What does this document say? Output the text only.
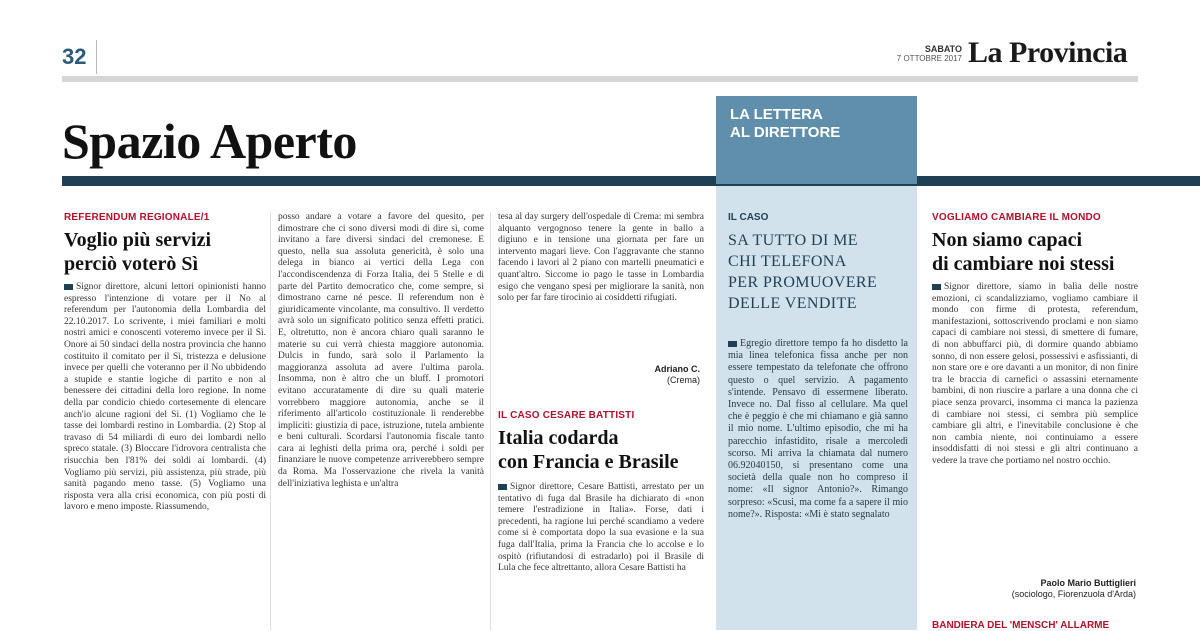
32	SABATO
7 OTTOBRE 2017 La Provincia
Spazio Aperto	LA LETTERA
AL DIRETTORE
REFERENDUM REGIONALE/1
Voglio più servizi
perciò voterò Sì
Signor direttore, alcuni lettori opinionisti hanno espresso l'intenzione di votare per il No al referendum per l'autonomia della Lombardia del 22.10.2017. Lo scrivente, i miei familiari e molti nostri amici e conoscenti voteremo invece per il Sì. Onore ai 50 sindaci della nostra provincia che hanno costituito il comitato per il Sì, tristezza e delusione invece per quelli che voteranno per il No ubbidendo a stupide e stantie logiche di partito e non al benessere dei cittadini della loro regione. In nome della par condicio chiedo cortesemente di elencare anch'io alcune ragioni del Sì. (1) Vogliamo che le tasse dei lombardi restino in Lombardia. (2) Stop al travaso di 54 miliardi di euro dei lombardi nello spreco statale. (3) Bloccare l'idrovora centralista che risucchia ben l'81% dei soldi ai lombardi. (4) Vogliamo più servizi, più assistenza, più strade, più sanità pagando meno tasse. (5) Vogliamo una risposta vera alla crisi economica, con più posti di lavoro e meno imposte. Riassumendo,
posso andare a votare a favore del quesito, per dimostrare che ci sono diversi modi di dire sì, come invitano a fare diversi sindaci del cremonese. E questo, nella sua assoluta genericità, è solo una delega in bianco ai vertici della Lega con l'accondiscendenza di Forza Italia, dei 5 Stelle e di parte del Partito democratico che, come sempre, si dimostrano carne né pesce. Il referendum non è giuridicamente vincolante, ma consultivo. Il verdetto avrà solo un significato politico senza effetti pratici. E, oltretutto, non è ancora chiaro quali saranno le materie su cui verrà chiesta maggiore autonomia. Dulcis in fundo, sarà solo il Parlamento la maggioranza assoluta ad avere l'ultima parola. Insomma, non è altro che un bluff. I promotori evitano accuratamente di dire su quali materie vorrebbero maggiore autonomia, anche se il riferimento all'articolo costituzionale li renderebbe impliciti: giustizia di pace, istruzione, tutela ambiente e beni culturali. Scordarsi l'autonomia fiscale tanto cara ai leghisti della prima ora, perché i soldi per finanziare le nuove competenze arriverebbero sempre da Roma. Ma l'osservazione che rivela la vanità dell'iniziativa leghista e un'altra
tesa al day surgery dell'ospedale di Crema: mi sembra alquanto vergognoso tenere la gente in ballo a digiuno e in tensione una giornata per fare un intervento magari lieve. Con l'aggravante che stanno facendo i lavori al 2 piano con martelli pneumatici e quant'altro. Siccome io pago le tasse in Lombardia esigo che vengano spesi per migliorare la sanità, non solo per far fare tirocinio ai cosiddetti rifugiati.
Adriano C.
(Crema)
IL CASO CESARE BATTISTI
Italia codarda
con Francia e Brasile
Signor direttore, Cesare Battisti, arrestato per un tentativo di fuga dal Brasile ha dichiarato di «non temere l'estradizione in Italia». Forse, dati i precedenti, ha ragione lui perché scandiamo a vedere come si è comportata dopo la sua evasione e la sua fuga dall'Italia, prima la Francia che lo accolse e lo ospitò (rifiutandosi di estradarlo) poi il Brasile di Lula che fece altrettanto, allora Cesare Battisti ha
IL CASO
SA TUTTO DI ME
CHI TELEFONA
PER PROMUOVERE
DELLE VENDITE
Egregio direttore tempo fa ho disdetto la mia linea telefonica fissa anche per non essere tempestato da telefonate che offrono questo o quel servizio. A pagamento s'intende. Pensavo di essermene liberato. Invece no. Dal fisso al cellulare. Ma quel che è peggio è che mi chiamano e già sanno il mio nome. L'ultimo episodio, che mi ha parecchio infastidito, risale a mercoledì scorso. Mi arriva la chiamata dal numero 06.92040150, si presentano come una società della quale non ho compreso il nome: «Il signor Antonio?». Rimango sorpreso: «Scusi, ma come fa a sapere il mio nome?». Risposta: «Mi è stato segnalato
VOGLIAMO CAMBIARE IL MONDO
Non siamo capaci
di cambiare noi stessi
Signor direttore, siamo in balìa delle nostre emozioni, ci scandalizziamo, vogliamo cambiare il mondo con firme di protesta, referendum, manifestazioni, sottoscrivendo proclami e non siamo capaci di cambiare noi stessi, di smettere di fumare, di non abbuffarci più, di dormire quando abbiamo sonno, di non essere gelosi, possessivi e asfissianti, di non stare ore e ore davanti a un monitor, di non finire tra le braccia di carnefici o assassini eternamente bambini, di non riuscire a parlare a una donna che ci piace senza provarci, insomma ci manca la pazienza di cambiare noi stessi, ci sembra più semplice cambiare gli altri, e l'inevitabile conclusione è che non cambia niente, noi continuiamo a essere insoddisfatti di noi stessi e gli altri continuano a vedere la trave che portiamo nel nostro occhio.
Paolo Mario Buttiglieri
(sociologo, Fiorenzuola d'Arda)
BANDIERA DEL 'MENSCH' ALLARME
